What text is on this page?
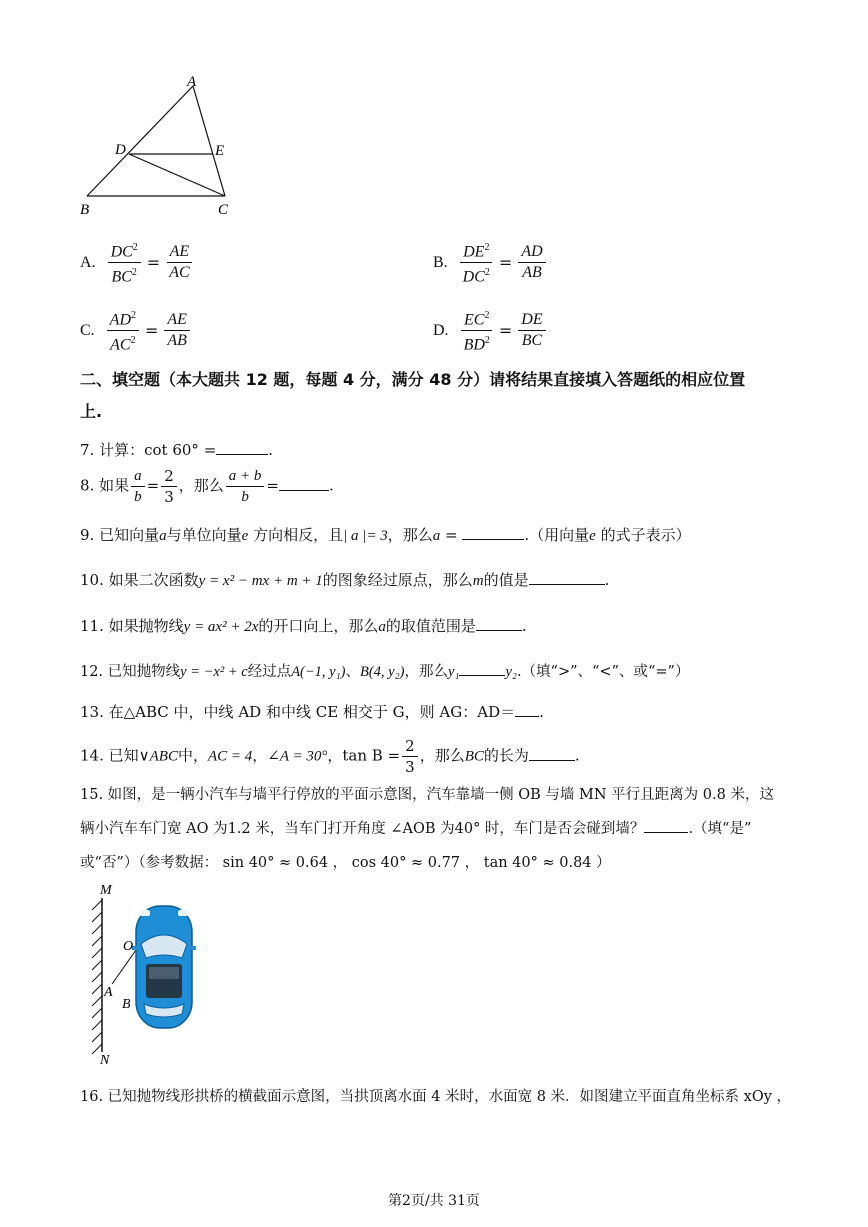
A
D	E
B	C
A. $\frac{DC^2}{BC^2} = \frac{AE}{AC}$	B. $\frac{DE^2}{DC^2} = \frac{AD}{AB}$
C. $\frac{AD^2}{AC^2} = \frac{AE}{AB}$	D. $\frac{EC^2}{BD^2} = \frac{DE}{BC}$
二、填空题（本大题共 12 题，每题 4 分，满分 48 分）请将结果直接填入答题纸的相应位置
上.
7. 计算：cot 60° =	.
8. 如果 $\frac{a}{b} = \frac{2}{3}$ ，那么 $\frac{a + b}{b}$ =	.
9. 已知向量a与单位向量e 方向相反，且| a |= 3，那么a =	.（用向量e 的式子表示）
10. 如果二次函数y = x² − mx + m + 1的图象经过原点，那么m的值是	.
11. 如果抛物线y = ax² + 2x的开口向上，那么a的取值范围是	.
12. 已知抛物线y = −x² + c经过点A(−1, y₁)、B(4, y₂)，那么y₁	y₂.（填“>”、“<”、或“=”）
13. 在△ABC 中，中线 AD 和中线 CE 相交于 G，则 AG：AD＝ .
14. 已知∨ABC中，AC = 4，∠A = 30°，$\tan B = \frac{2}{3}$ ，那么BC的长为	.
15. 如图，是一辆小汽车与墙平行停放的平面示意图，汽车靠墙一侧 OB 与墙 MN 平行且距离为 0.8 米，这
辆小汽车车门宽 AO 为1.2 米，当车门打开角度 ∠AOB 为40° 时，车门是否会碰到墙？	.（填“是”
或“否”）（参考数据： sin 40° ≈ 0.64 ， cos 40° ≈ 0.77 ， tan 40° ≈ 0.84 ）
M
O
A
B
N
16. 已知抛物线形拱桥的横截面示意图，当拱顶离水面 4 米时，水面宽 8 米．如图建立平面直角坐标系 xOy ，
第2页/共 31页
